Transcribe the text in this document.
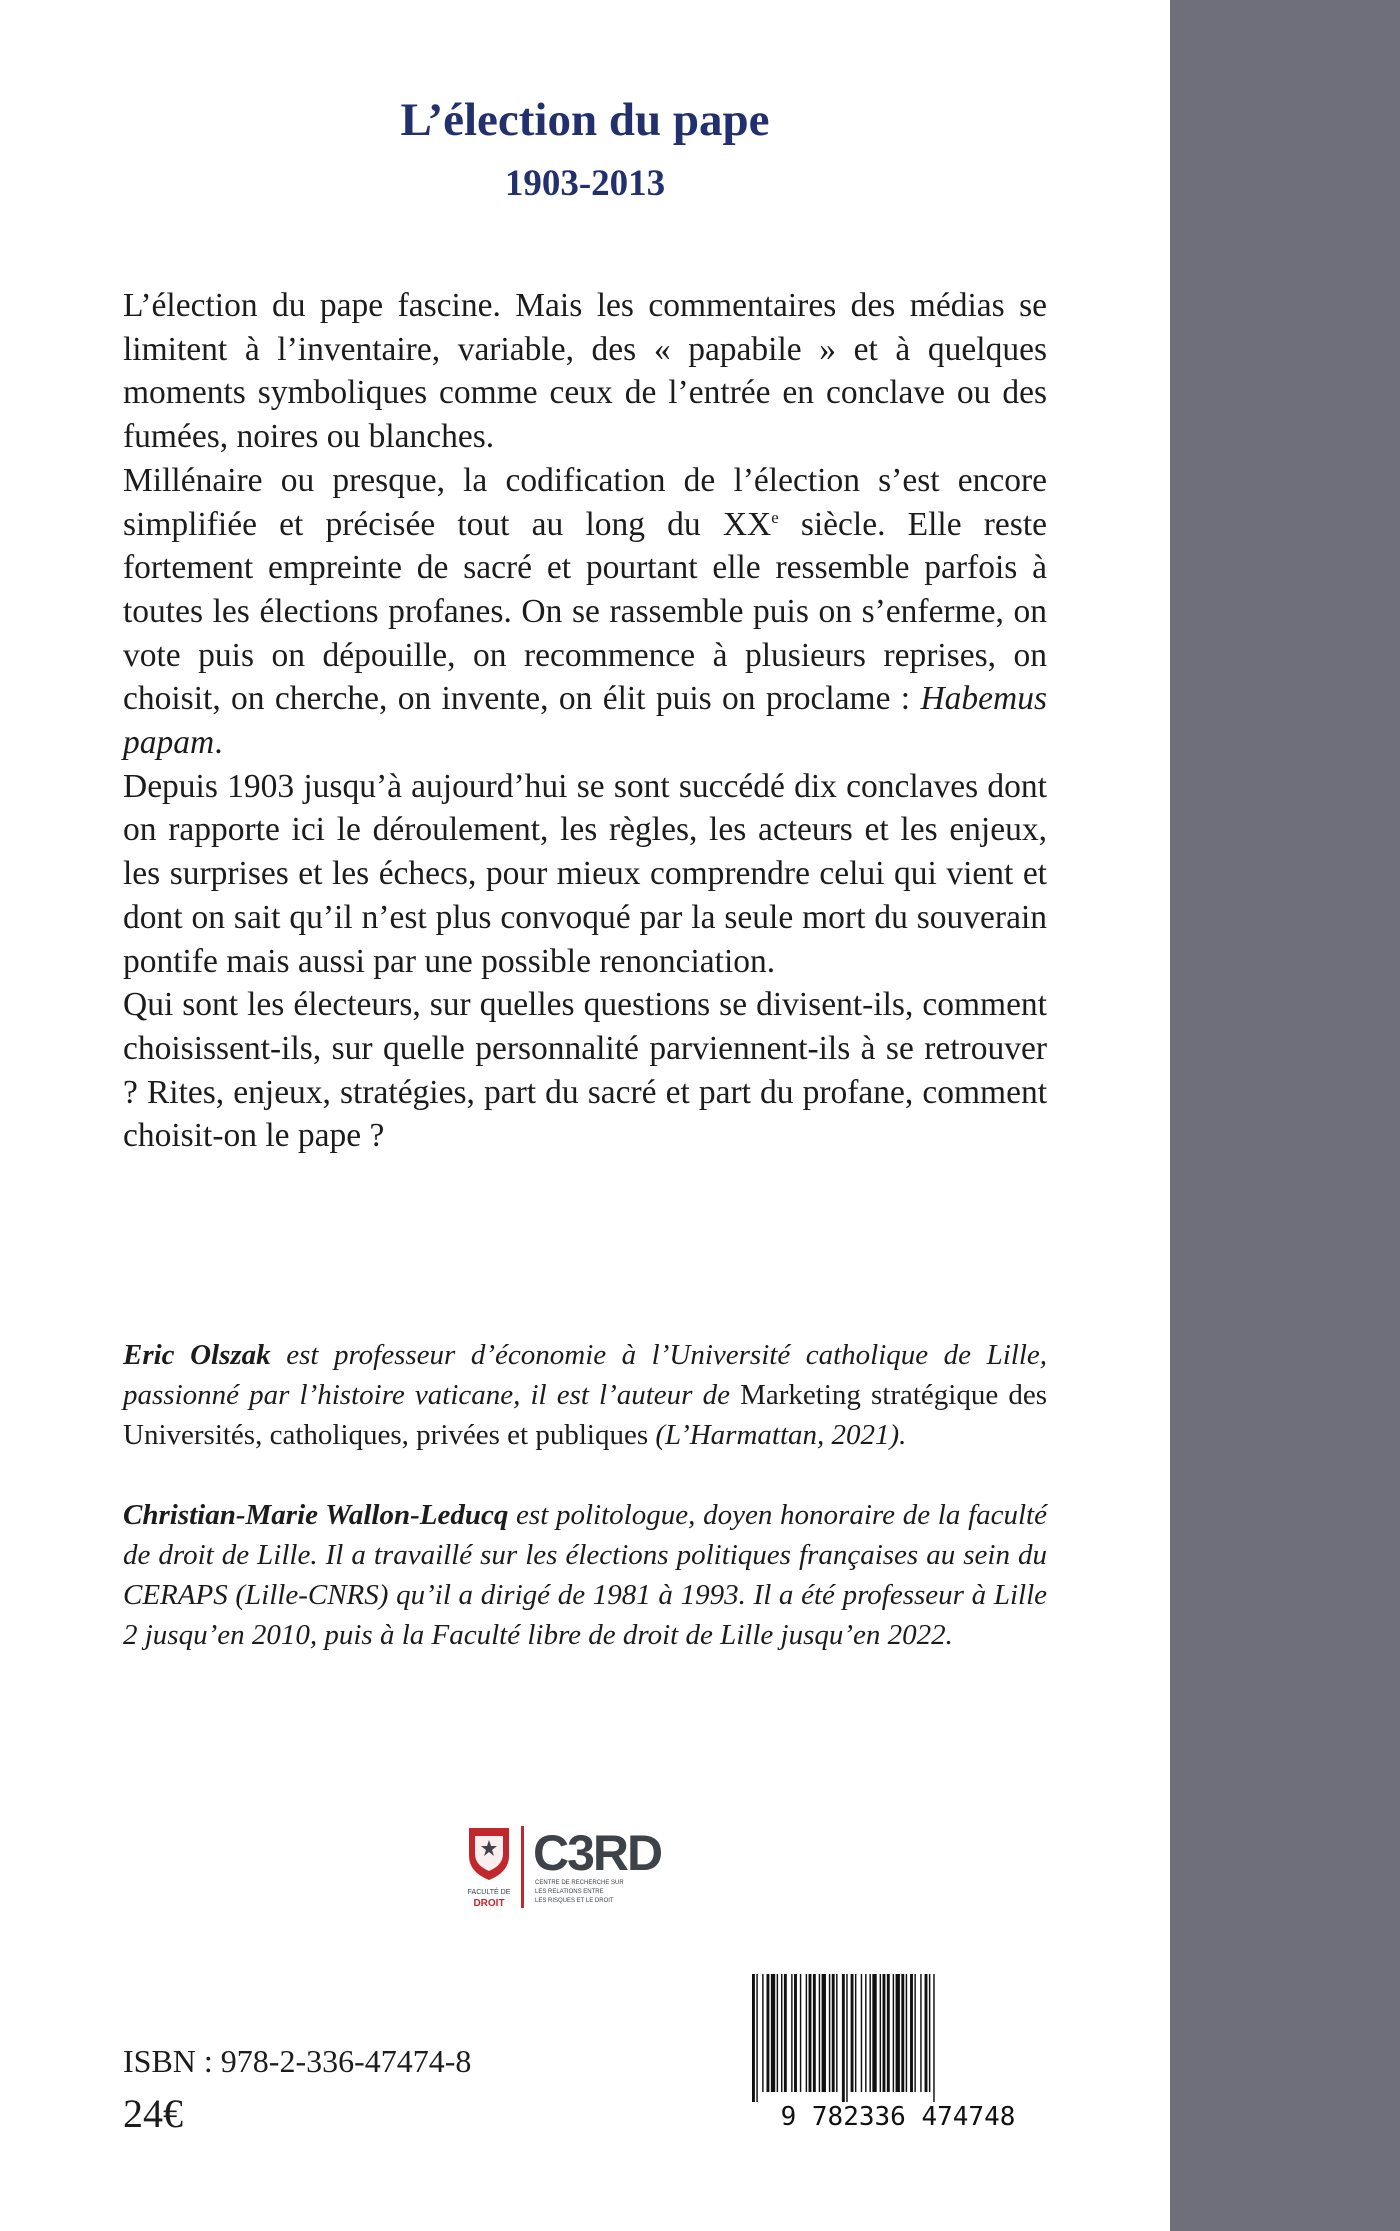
L’élection du pape
1903-2013

L’élection du pape fascine. Mais les commentaires des médias se limitent à l’inventaire, variable, des « papabile » et à quelques moments symboliques comme ceux de l’entrée en conclave ou des fumées, noires ou blanches.

Millénaire ou presque, la codification de l’élection s’est encore simplifiée et précisée tout au long du XXe siècle. Elle reste fortement empreinte de sacré et pourtant elle ressemble parfois à toutes les élections profanes. On se rassemble puis on s’enferme, on vote puis on dépouille, on recommence à plusieurs reprises, on choisit, on cherche, on invente, on élit puis on proclame : Habemus papam.

Depuis 1903 jusqu’à aujourd’hui se sont succédé dix conclaves dont on rapporte ici le déroulement, les règles, les acteurs et les enjeux, les surprises et les échecs, pour mieux comprendre celui qui vient et dont on sait qu’il n’est plus convoqué par la seule mort du souverain pontife mais aussi par une possible renonciation.

Qui sont les électeurs, sur quelles questions se divisent-ils, comment choisissent-ils, sur quelle personnalité parviennent-ils à se retrouver ? Rites, enjeux, stratégies, part du sacré et part du profane, comment choisit-on le pape ?

Eric Olszak est professeur d’économie à l’Université catholique de Lille, passionné par l’histoire vaticane, il est l’auteur de Marketing stratégique des Universités, catholiques, privées et publiques (L’Harmattan, 2021).

Christian-Marie Wallon-Leducq est politologue, doyen honoraire de la faculté de droit de Lille. Il a travaillé sur les élections politiques françaises au sein du CERAPS (Lille-CNRS) qu’il a dirigé de 1981 à 1993. Il a été professeur à Lille 2 jusqu’en 2010, puis à la Faculté libre de droit de Lille jusqu’en 2022.

FACULTÉ DE
DROIT
C3RD
CENTRE DE RECHERCHE SUR
LES RELATIONS ENTRE
LES RISQUES ET LE DROIT

ISBN : 978-2-336-47474-8

24€	9 782336 474748
